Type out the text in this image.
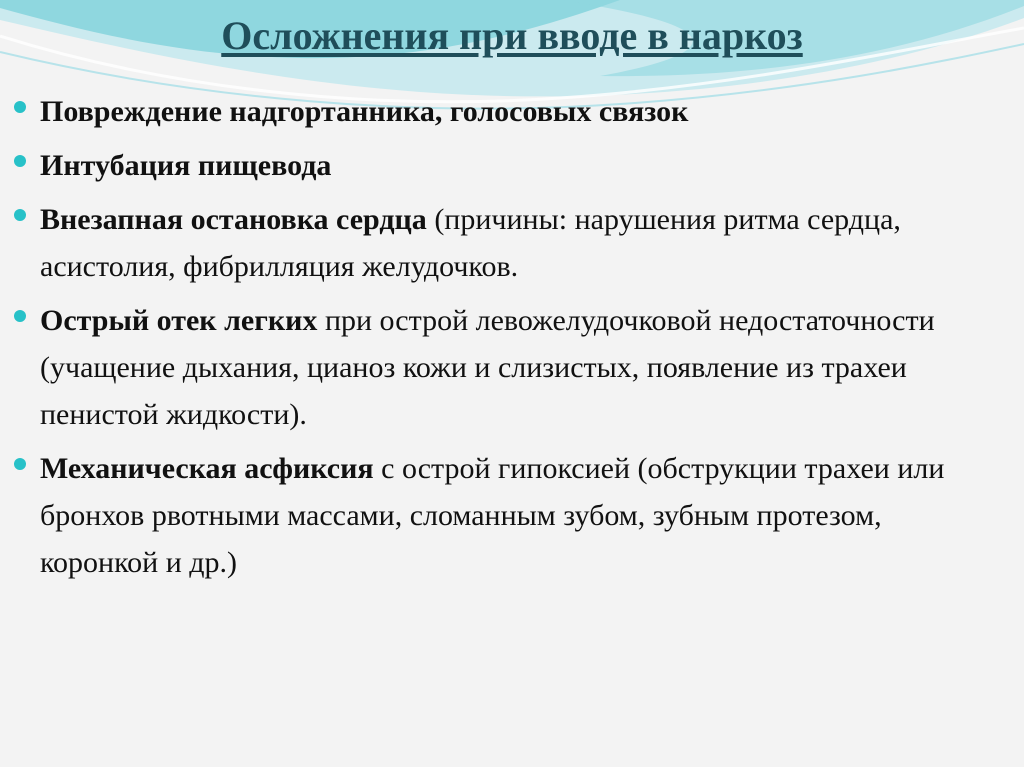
Осложнения при вводе в наркоз
Повреждение надгортанника, голосовых связок
Интубация пищевода
Внезапная остановка сердца (причины: нарушения ритма сердца, асистолия, фибрилляция желудочков.
Острый отек легких при острой левожелудочковой недостаточности (учащение дыхания, цианоз кожи и слизистых, появление из трахеи пенистой жидкости).
Механическая асфиксия с острой гипоксией (обструкции трахеи или бронхов рвотными массами, сломанным зубом, зубным протезом, коронкой и др.)
